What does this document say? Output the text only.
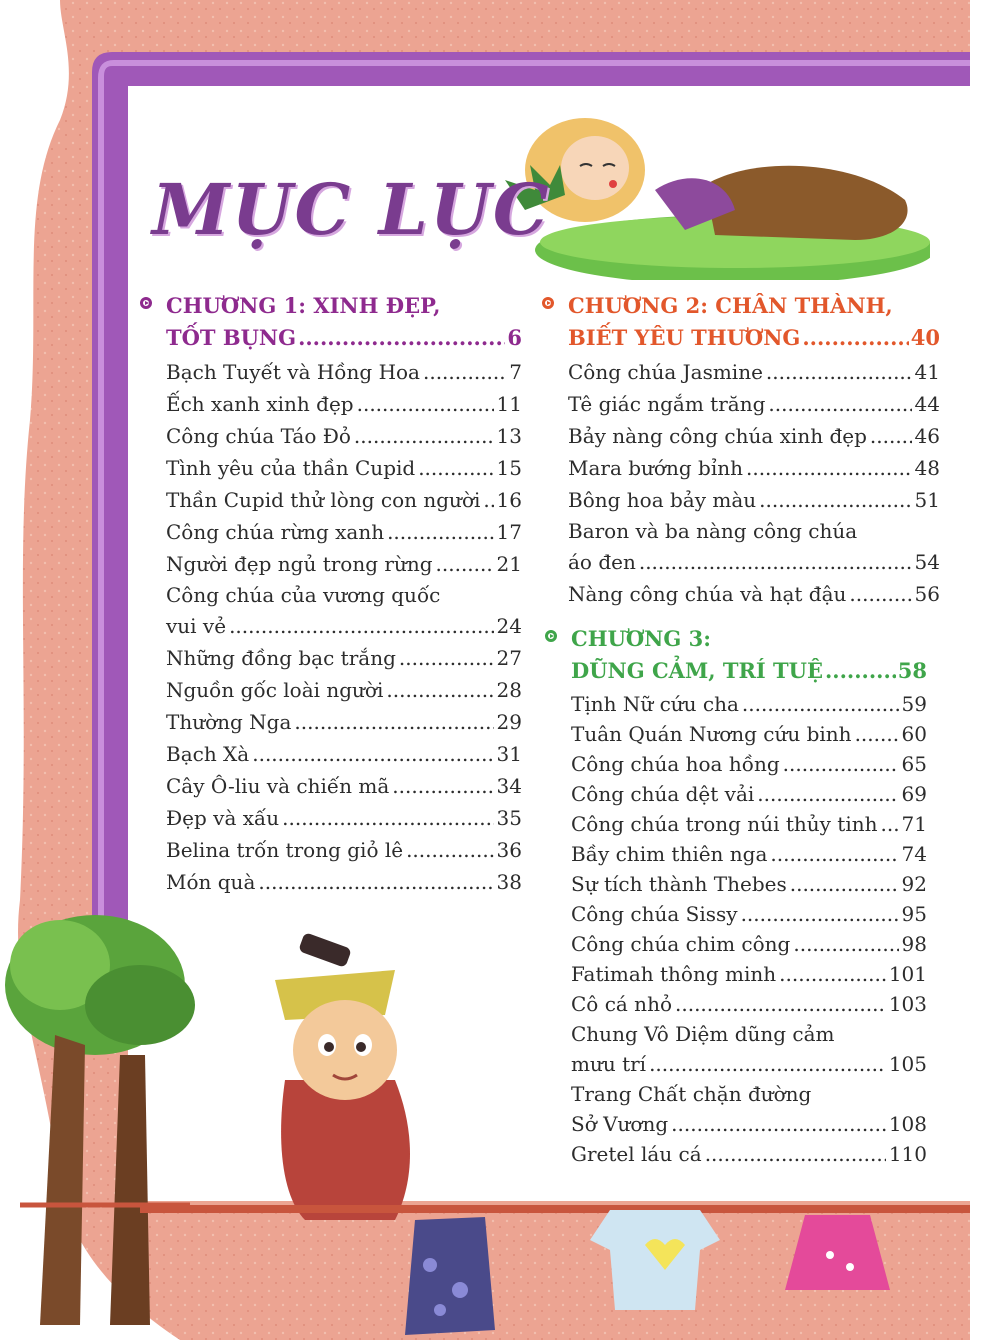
MỤC LỤC
CHƯƠNG 1: XINH ĐẸP,
TỐT BỤNG .....	6
Bạch Tuyết và Hồng Hoa .....	7
Ếch xanh xinh đẹp .....	11
Công chúa Táo Đỏ .....	13
Tình yêu của thần Cupid .....	15
Thần Cupid thử lòng con người ..... 16
Công chúa rừng xanh .....	17
Người đẹp ngủ trong rừng .....	21
Công chúa của vương quốc
vui vẻ .....	24
Những đồng bạc trắng .....	27
Nguồn gốc loài người .....	28
Thường Nga .....	29
Bạch Xà .....	31
Cây Ô-liu và chiến mã .....	34
Đẹp và xấu .....	35
Belina trốn trong giỏ lê .....	36
Món quà .....	38
CHƯƠNG 2: CHÂN THÀNH,
BIẾT YÊU THƯƠNG .....	40
Công chúa Jasmine .....	41
Tê giác ngắm trăng .....	44
Bảy nàng công chúa xinh đẹp ..... 46
Mara bướng bỉnh .....	48
Bông hoa bảy màu .....	51
Baron và ba nàng công chúa
áo đen .....	54
Nàng công chúa và hạt đậu .....	56
CHƯƠNG 3:
DŨNG CẢM, TRÍ TUỆ .....	58
Tịnh Nữ cứu cha .....	59
Tuân Quán Nương cứu binh ..... 60
Công chúa hoa hồng .....	65
Công chúa dệt vải .....	69
Công chúa trong núi thủy tinh ..... 71
Bầy chim thiên nga .....	74
Sự tích thành Thebes .....	92
Công chúa Sissy .....	95
Công chúa chim công .....	98
Fatimah thông minh .....	101
Cô cá nhỏ .....	103
Chung Vô Diệm dũng cảm
mưu trí .....	105
Trang Chất chặn đường
Sở Vương .....	108
Gretel láu cá .....	110
